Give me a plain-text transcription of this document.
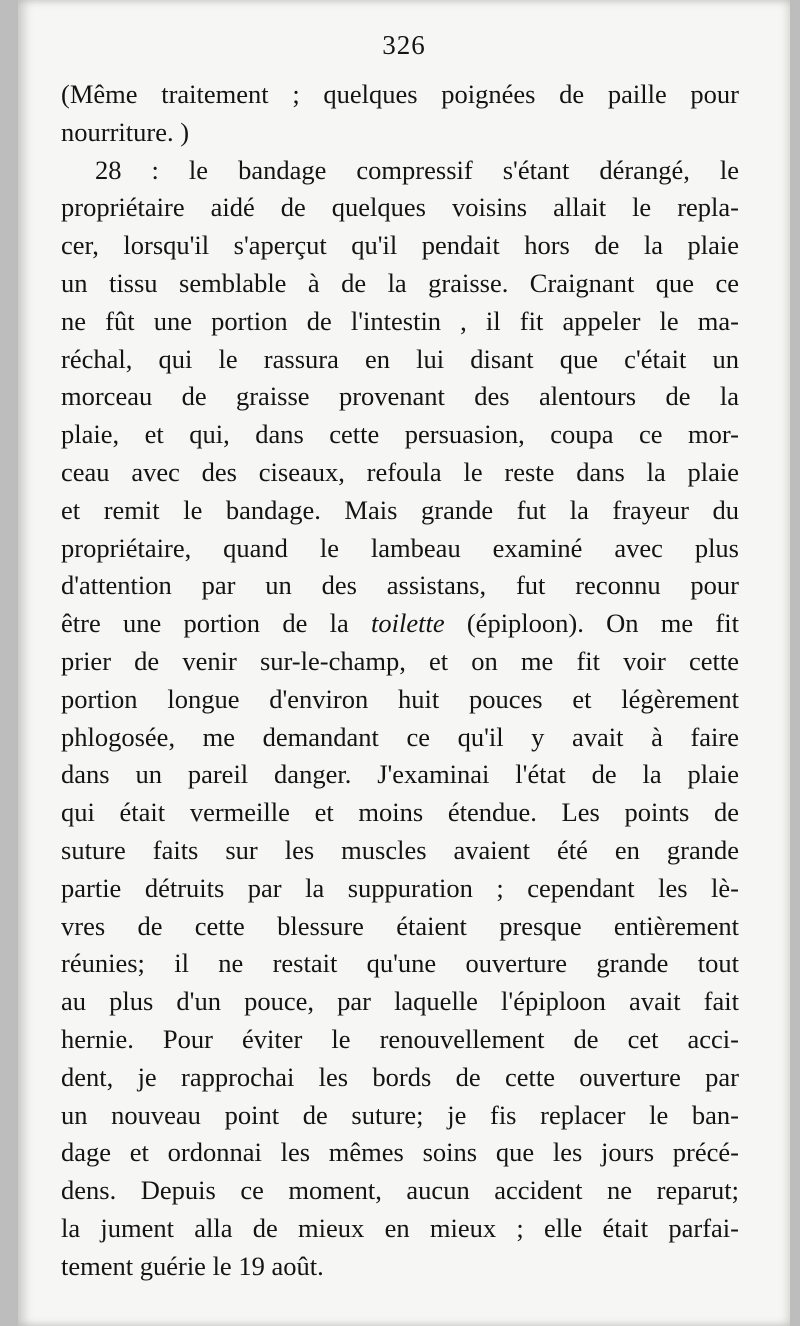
326
(Même traitement ; quelques poignées de paille pour
nourriture. )
28 : le bandage compressif s'étant dérangé, le
propriétaire aidé de quelques voisins allait le repla-
cer, lorsqu'il s'aperçut qu'il pendait hors de la plaie
un tissu semblable à de la graisse. Craignant que ce
ne fût une portion de l'intestin , il fit appeler le ma-
réchal, qui le rassura en lui disant que c'était un
morceau de graisse provenant des alentours de la
plaie, et qui, dans cette persuasion, coupa ce mor-
ceau avec des ciseaux, refoula le reste dans la plaie
et remit le bandage. Mais grande fut la frayeur du
propriétaire, quand le lambeau examiné avec plus
d'attention par un des assistans, fut reconnu pour
être une portion de la toilette (épiploon). On me fit
prier de venir sur-le-champ, et on me fit voir cette
portion longue d'environ huit pouces et légèrement
phlogosée, me demandant ce qu'il y avait à faire
dans un pareil danger. J'examinai l'état de la plaie
qui était vermeille et moins étendue. Les points de
suture faits sur les muscles avaient été en grande
partie détruits par la suppuration ; cependant les lè-
vres de cette blessure étaient presque entièrement
réunies; il ne restait qu'une ouverture grande tout
au plus d'un pouce, par laquelle l'épiploon avait fait
hernie. Pour éviter le renouvellement de cet acci-
dent, je rapprochai les bords de cette ouverture par
un nouveau point de suture; je fis replacer le ban-
dage et ordonnai les mêmes soins que les jours précé-
dens. Depuis ce moment, aucun accident ne reparut;
la jument alla de mieux en mieux ; elle était parfai-
tement guérie le 19 août.
